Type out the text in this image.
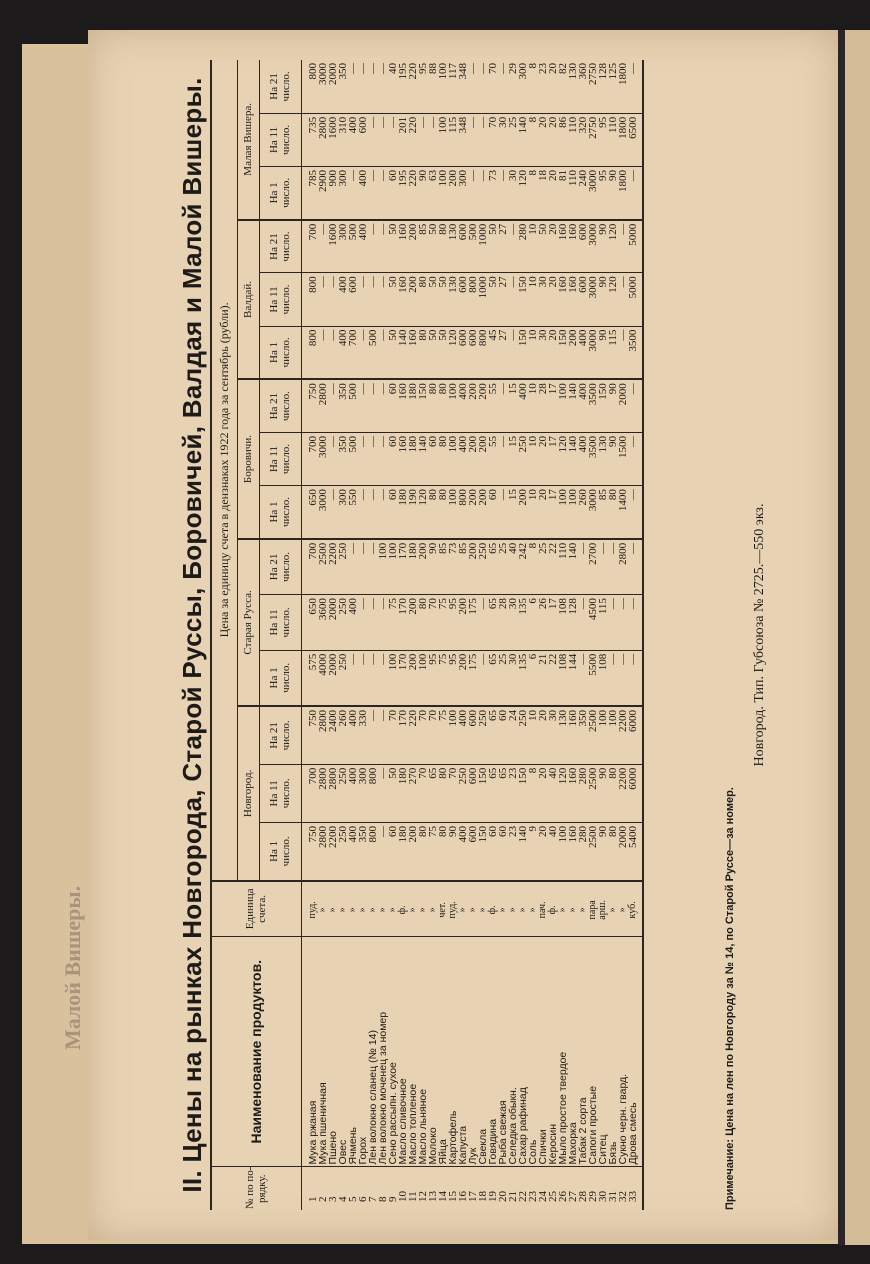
Малой Вишеры.	II. Цены на рынках Новгорода, Старой Руссы, Боровичей, Валдая и Малой Вишеры.	№ по по-
рядку.	Наименование продуктов.	Единица
счета.	Цена за единицу счета в дензнаках 1922 года за сентябрь (рубли).														
			Новгород.			Старая Русса.			Боровичи.			Валдай.			Малая Вишера.		
			На 1
число.	На 11
число.	На 21
число.	На 1
число.	На 11
число.	На 21
число.	На 1
число.	На 11
число.	На 21
число.	На 1
число.	На 11
число.	На 21
число.	На 1
число.	На 11
число.	На 21
число.
1	Мука ржаная	пуд.	750	700	750	575	650	700	650	700	750	800	800	700	785	735	800
2	Мука пшеничная	»	2800	2800	2800	4000	3600	2500	3000	3000	2800	—	—	—	2900	2800	3000
3	Пшено	»	2200	2800	2400	2000	2000	2200	—	—	—	—	—	1600	900	1600	2000
4	Овес	»	250	250	260	250	250	250	300	350	350	400	400	300	300	310	350
5	Ячмень	»	400	400	400	—	400	—	550	500	500	700	600	500	—	400	—
6	Горох	»	350	300	330	—	—	—	—	—	—	—	—	400	400	600	—
7	Лен волокно сланец (№ 14)	»	800	800	—	—	—	—	—	—	—	500	—	—	—	—	—
8	Лен волокно моченец за номер	»	—	—	—	—	—	100	—	—	—	—	—	—	—	—	—
9	Сено рассыпн. сухое	»	60	50	70	100	75	100	60	60	60	50	50	50	60	—	40
10	Масло сливочное	ф.	180	180	170	170	170	170	180	160	160	140	160	160	195	201	195
11	Масло топленое	»	200	270	220	200	200	180	190	180	180	160	200	200	220	220	220
12	Масло льняное	»	80	70	70	100	80	200	120	140	150	80	80	85	90	—	95
13	Молоко	»	75	65	70	95	70	90	80	60	80	50	50	50	63	—	88
14	Яйца	чет.	80	80	75	75	75	85	80	80	80	50	50	80	100	100	100
15	Картофель	пуд.	90	70	100	95	95	73	100	100	100	120	130	130	200	115	117
16	Капуста	»	400	250	400	200	200	85	800	400	400	600	600	600	300	348	348
17	Лук	»	600	600	600	175	175	200	200	200	200	600	800	500	—	—	—
18	Свекла	»	150	150	250	—	—	250	200	200	200	800	1000	1000	—	—	—
19	Говядина	ф.	60	65	65	65	65	65	60	55	55	45	50	50	73	70	70
20	Рыба свежая	»	60	65	60	25	28	25	—	—	—	27	27	27	—	30	—
21	Селедка обыкн.	»	23	23	24	30	30	40	15	15	15	—	—	—	30	25	29
22	Сахар рафинад	»	140	150	250	135	135	242	200	250	400	150	150	280	120	140	300
23	Соль	»	9	8	10	6	6	8	10	10	10	10	10	10	8	8	8
24	Спички	пач.	20	20	20	21	26	25	20	20	28	30	30	50	18	20	23
25	Керосин	ф.	40	40	30	22	17	22	17	17	17	20	20	20	20	20	20
26	Мыло простое твердое	»	100	120	130	108	108	110	100	120	100	150	160	160	81	86	82
27	Махорка	»	160	160	160	144	128	140	100	140	140	200	160	160	110	110	130
28	Табак 2 сорта	»	280	280	350	—	—	—	260	400	400	400	600	600	240	320	360
29	Сапоги простые	пара	2500	2500	2500	5500	4500	2700	3000	3500	3500	3000	3000	3000	3000	2750	2750
30	Ситец	арш.	90	90	100	108	115	—	85	130	150	90	90	90	95	95	128
31	Бязь	»	80	80	100	—	—	—	80	90	90	115	120	120	90	110	125
32	Сукно черн. гвард.	»	2000	2200	2200	—	—	2800	1400	1500	2000	—	—	—	1800	1800	1800
33	Дрова смесь	куб.	5400	6000	6000	—	—	—	—	—	—	3500	5000	5000	—	6500	—
Примечание: Цена на лен по Новгороду за № 14, по Старой Руссе—за номер.
Новгород. Тип. Губсоюза № 2725.—550 экз.
